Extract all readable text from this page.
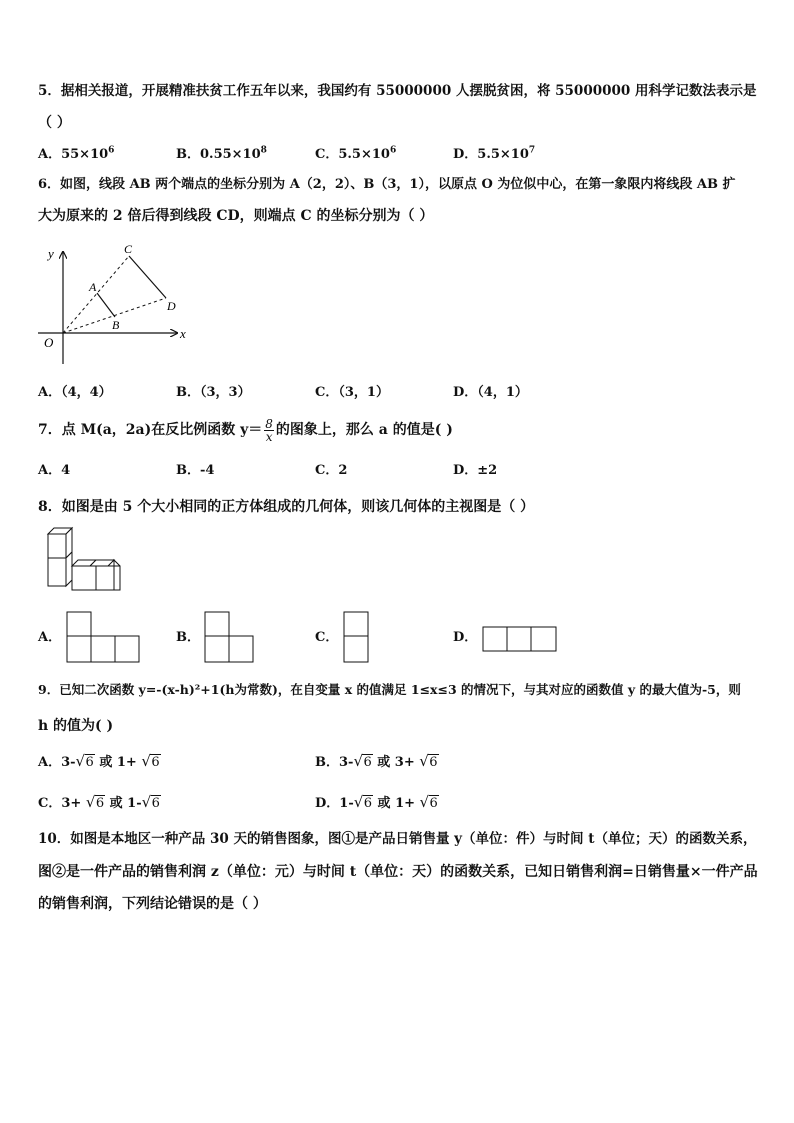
5．据相关报道，开展精准扶贫工作五年以来，我国约有 55000000 人摆脱贫困，将 55000000 用科学记数法表示是
（ ）
A．$55\times 10^6$	B．$0.55\times 10^8$	C．$5.5\times 10^6$	D．$5.5\times 10^7$
6．如图，线段 AB 两个端点的坐标分别为 A（2，2）、B（3，1），以原点 O 为位似中心，在第一象限内将线段 AB 扩
大为原来的 2 倍后得到线段 CD，则端点 C 的坐标分别为（ ）
y
x
O
A
B
C
D
A．（4，4）	B．（3，3）	C．（3，1）	D．（4，1）
7．点 M(a，2a)在反比例函数 $y= \frac{8}{x}$ 的图象上，那么 a 的值是( )
A．4	B．-4	C．2	D．±2
8．如图是由 5 个大小相同的正方体组成的几何体，则该几何体的主视图是（ ）
A．	B．	C．	D．
9．已知二次函数 y=-(x-h)²+1(h为常数)，在自变量 x 的值满足 1≤x≤3 的情况下，与其对应的函数值 y 的最大值为-5，则
h 的值为( )
A．3- √ 6 或 1+ √ 6	B．3- √ 6 或 3+ √ 6
C．3+ √ 6 或 1- √ 6	D．1- √ 6 或 1+ √ 6
10．如图是本地区一种产品 30 天的销售图象，图①是产品日销售量 y（单位：件）与时间 t（单位；天）的函数关系，
图②是一件产品的销售利润 z（单位：元）与时间 t（单位：天）的函数关系，已知日销售利润=日销售量×一件产品
的销售利润，下列结论错误的是（ ）
